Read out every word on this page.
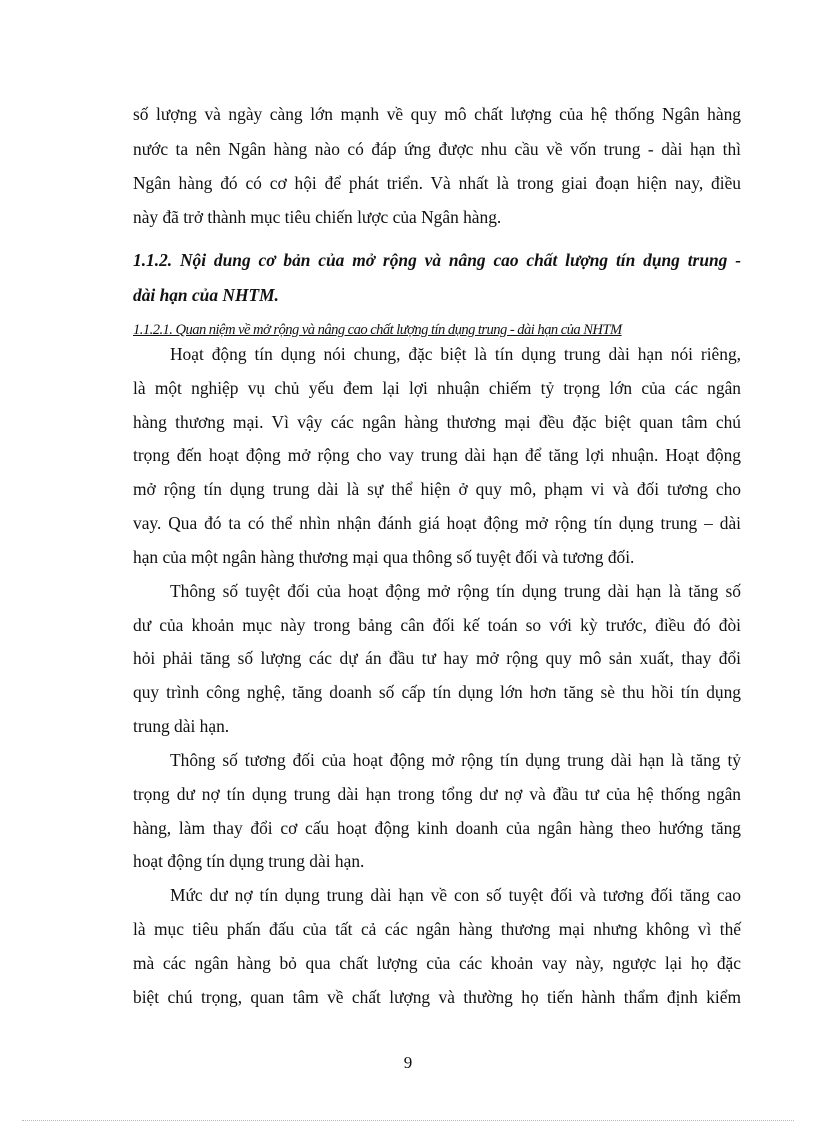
số lượng và ngày càng lớn mạnh về quy mô chất lượng của hệ thống Ngân hàng
nước ta nên Ngân hàng nào có đáp ứng được nhu cầu về vốn trung - dài hạn thì
Ngân hàng đó có cơ hội để phát triển. Và nhất là trong giai đoạn hiện nay, điều
này đã trở thành mục tiêu chiến lược của Ngân hàng.
1.1.2. Nội dung cơ bản của mở rộng và nâng cao chất lượng tín dụng trung -
dài hạn của NHTM.
1.1.2.1. Quan niệm về mở rộng và nâng cao chất lượng tín dụng trung - dài hạn của NHTM
Hoạt động tín dụng nói chung, đặc biệt là tín dụng trung dài hạn nói riêng,
là một nghiệp vụ chủ yếu đem lại lợi nhuận chiếm tỷ trọng lớn của các ngân
hàng thương mại. Vì vậy các ngân hàng thương mại đều đặc biệt quan tâm chú
trọng đến hoạt động mở rộng cho vay trung dài hạn để tăng lợi nhuận. Hoạt động
mở rộng tín dụng trung dài là sự thể hiện ở quy mô, phạm vi và đối tương cho
vay. Qua đó ta có thể nhìn nhận đánh giá hoạt động mở rộng tín dụng trung – dài
hạn của một ngân hàng thương mại qua thông số tuyệt đối và tương đối.
Thông số tuyệt đối của hoạt động mở rộng tín dụng trung dài hạn là tăng số
dư của khoản mục này trong bảng cân đối kế toán so với kỳ trước, điều đó đòi
hỏi phải tăng số lượng các dự án đầu tư hay mở rộng quy mô sản xuất, thay đổi
quy trình công nghệ, tăng doanh số cấp tín dụng lớn hơn tăng sè thu hồi tín dụng
trung dài hạn.
Thông số tương đối của hoạt động mở rộng tín dụng trung dài hạn là tăng tỷ
trọng dư nợ tín dụng trung dài hạn trong tổng dư nợ và đầu tư của hệ thống ngân
hàng, làm thay đổi cơ cấu hoạt động kinh doanh của ngân hàng theo hướng tăng
hoạt động tín dụng trung dài hạn.
Mức dư nợ tín dụng trung dài hạn về con số tuyệt đối và tương đối tăng cao
là mục tiêu phấn đấu của tất cả các ngân hàng thương mại nhưng không vì thế
mà các ngân hàng bỏ qua chất lượng của các khoản vay này, ngược lại họ đặc
biệt chú trọng, quan tâm về chất lượng và thường họ tiến hành thẩm định kiểm
9
